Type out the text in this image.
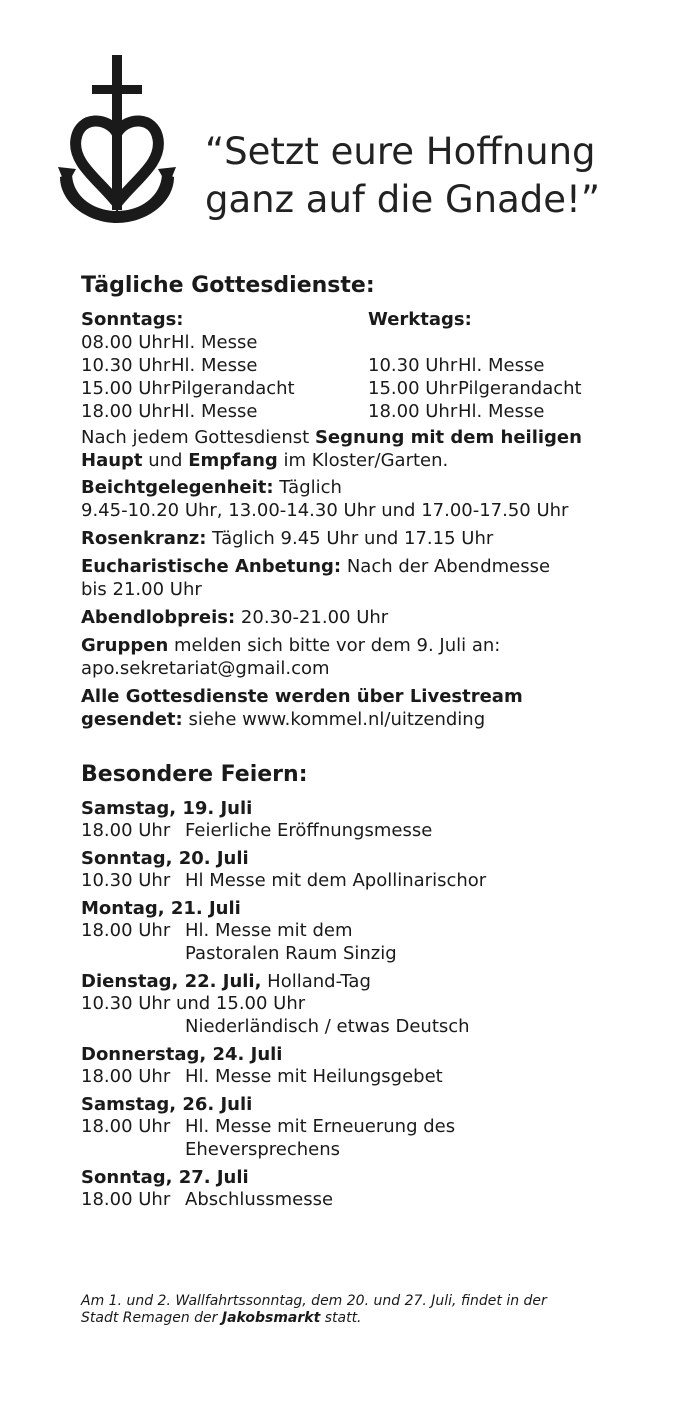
“Setzt eure Hoffnung
ganz auf die Gnade!”
Tägliche Gottesdienste:
Sonntags:	Werktags:
08.00 Uhr Hl. Messe
10.30 Uhr Hl. Messe	10.30 Uhr Hl. Messe
15.00 Uhr Pilgerandacht	15.00 Uhr Pilgerandacht
18.00 Uhr Hl. Messe	18.00 Uhr Hl. Messe
Nach jedem Gottesdienst Segnung mit dem heiligen
Haupt und Empfang im Kloster/Garten.
Beichtgelegenheit: Täglich
9.45-10.20 Uhr, 13.00-14.30 Uhr und 17.00-17.50 Uhr
Rosenkranz: Täglich 9.45 Uhr und 17.15 Uhr
Eucharistische Anbetung: Nach der Abendmesse
bis 21.00 Uhr
Abendlobpreis: 20.30-21.00 Uhr
Gruppen melden sich bitte vor dem 9. Juli an:
apo.sekretariat@gmail.com
Alle Gottesdienste werden über Livestream
gesendet: siehe www.kommel.nl/uitzending
Besondere Feiern:
Samstag, 19. Juli
18.00 Uhr Feierliche Eröffnungsmesse
Sonntag, 20. Juli
10.30 Uhr Hl Messe mit dem Apollinarischor
Montag, 21. Juli
18.00 Uhr Hl. Messe mit dem
Pastoralen Raum Sinzig
Dienstag, 22. Juli, Holland-Tag
10.30 Uhr und 15.00 Uhr
Niederländisch / etwas Deutsch
Donnerstag, 24. Juli
18.00 Uhr Hl. Messe mit Heilungsgebet
Samstag, 26. Juli
18.00 Uhr Hl. Messe mit Erneuerung des
Eheversprechens
Sonntag, 27. Juli
18.00 Uhr Abschlussmesse

Am 1. und 2. Wallfahrtssonntag, dem 20. und 27. Juli, findet in der
Stadt Remagen der Jakobsmarkt statt.
